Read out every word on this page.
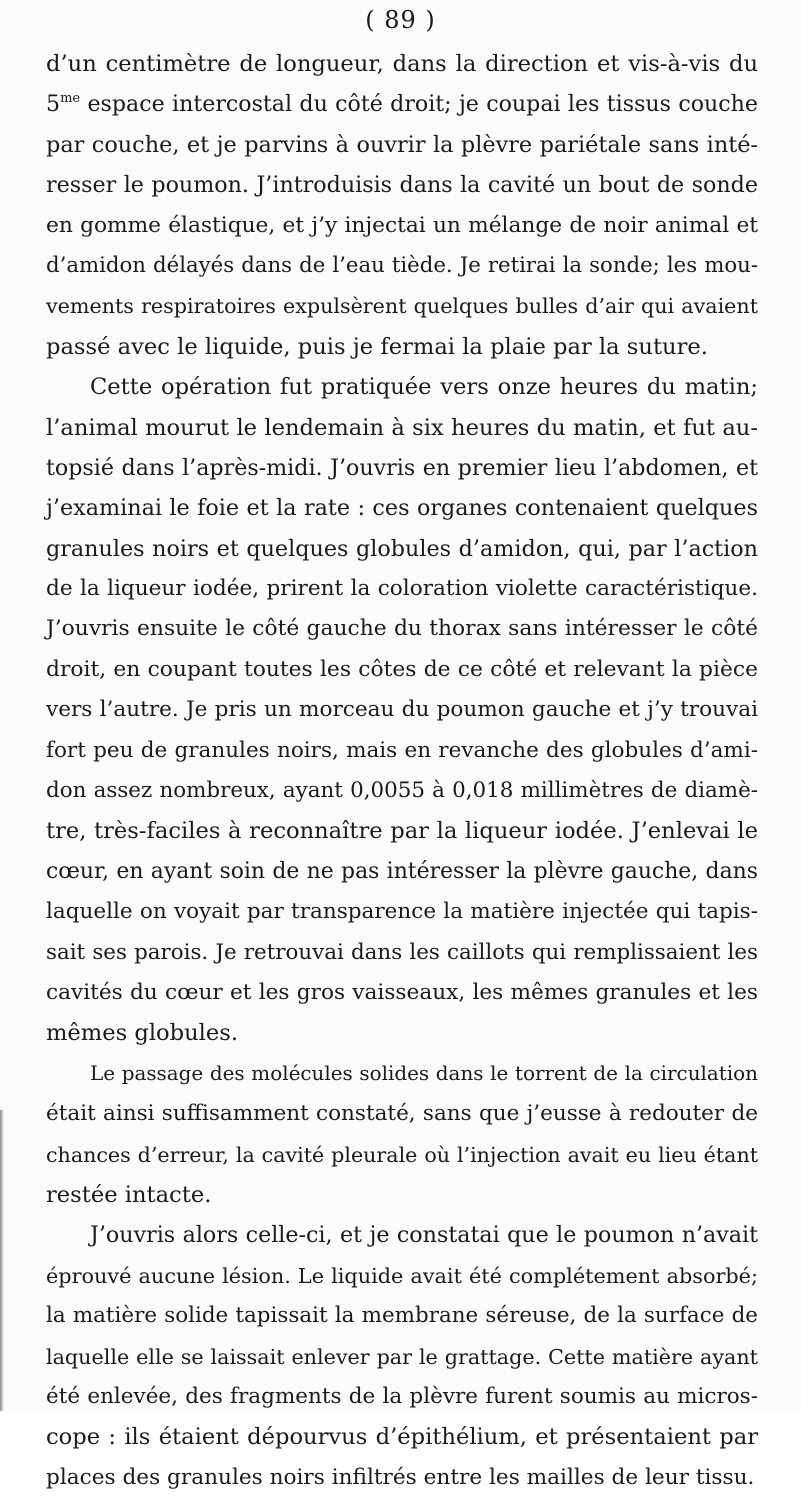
( 89 )
d’un centimètre de longueur, dans la direction et vis-à-vis du
$5^{me}$ espace intercostal du côté droit; je coupai les tissus couche
par couche, et je parvins à ouvrir la plèvre pariétale sans inté-
resser le poumon. J’introduisis dans la cavité un bout de sonde
en gomme élastique, et j’y injectai un mélange de noir animal et
d’amidon délayés dans de l’eau tiède. Je retirai la sonde; les mou-
vements respiratoires expulsèrent quelques bulles d’air qui avaient
passé avec le liquide, puis je fermai la plaie par la suture.
Cette opération fut pratiquée vers onze heures du matin;
l’animal mourut le lendemain à six heures du matin, et fut au-
topsié dans l’après-midi. J’ouvris en premier lieu l’abdomen, et
j’examinai le foie et la rate : ces organes contenaient quelques
granules noirs et quelques globules d’amidon, qui, par l’action
de la liqueur iodée, prirent la coloration violette caractéristique.
J’ouvris ensuite le côté gauche du thorax sans intéresser le côté
droit, en coupant toutes les côtes de ce côté et relevant la pièce
vers l’autre. Je pris un morceau du poumon gauche et j’y trouvai
fort peu de granules noirs, mais en revanche des globules d’ami-
don assez nombreux, ayant 0,0055 à 0,018 millimètres de diamè-
tre, très-faciles à reconnaître par la liqueur iodée. J’enlevai le
cœur, en ayant soin de ne pas intéresser la plèvre gauche, dans
laquelle on voyait par transparence la matière injectée qui tapis-
sait ses parois. Je retrouvai dans les caillots qui remplissaient les
cavités du cœur et les gros vaisseaux, les mêmes granules et les
mêmes globules.
Le passage des molécules solides dans le torrent de la circulation
était ainsi suffisamment constaté, sans que j’eusse à redouter de
chances d’erreur, la cavité pleurale où l’injection avait eu lieu étant
restée intacte.
J’ouvris alors celle-ci, et je constatai que le poumon n’avait
éprouvé aucune lésion. Le liquide avait été complétement absorbé;
la matière solide tapissait la membrane séreuse, de la surface de
laquelle elle se laissait enlever par le grattage. Cette matière ayant
été enlevée, des fragments de la plèvre furent soumis au micros-
cope : ils étaient dépourvus d’épithélium, et présentaient par
places des granules noirs infiltrés entre les mailles de leur tissu.
